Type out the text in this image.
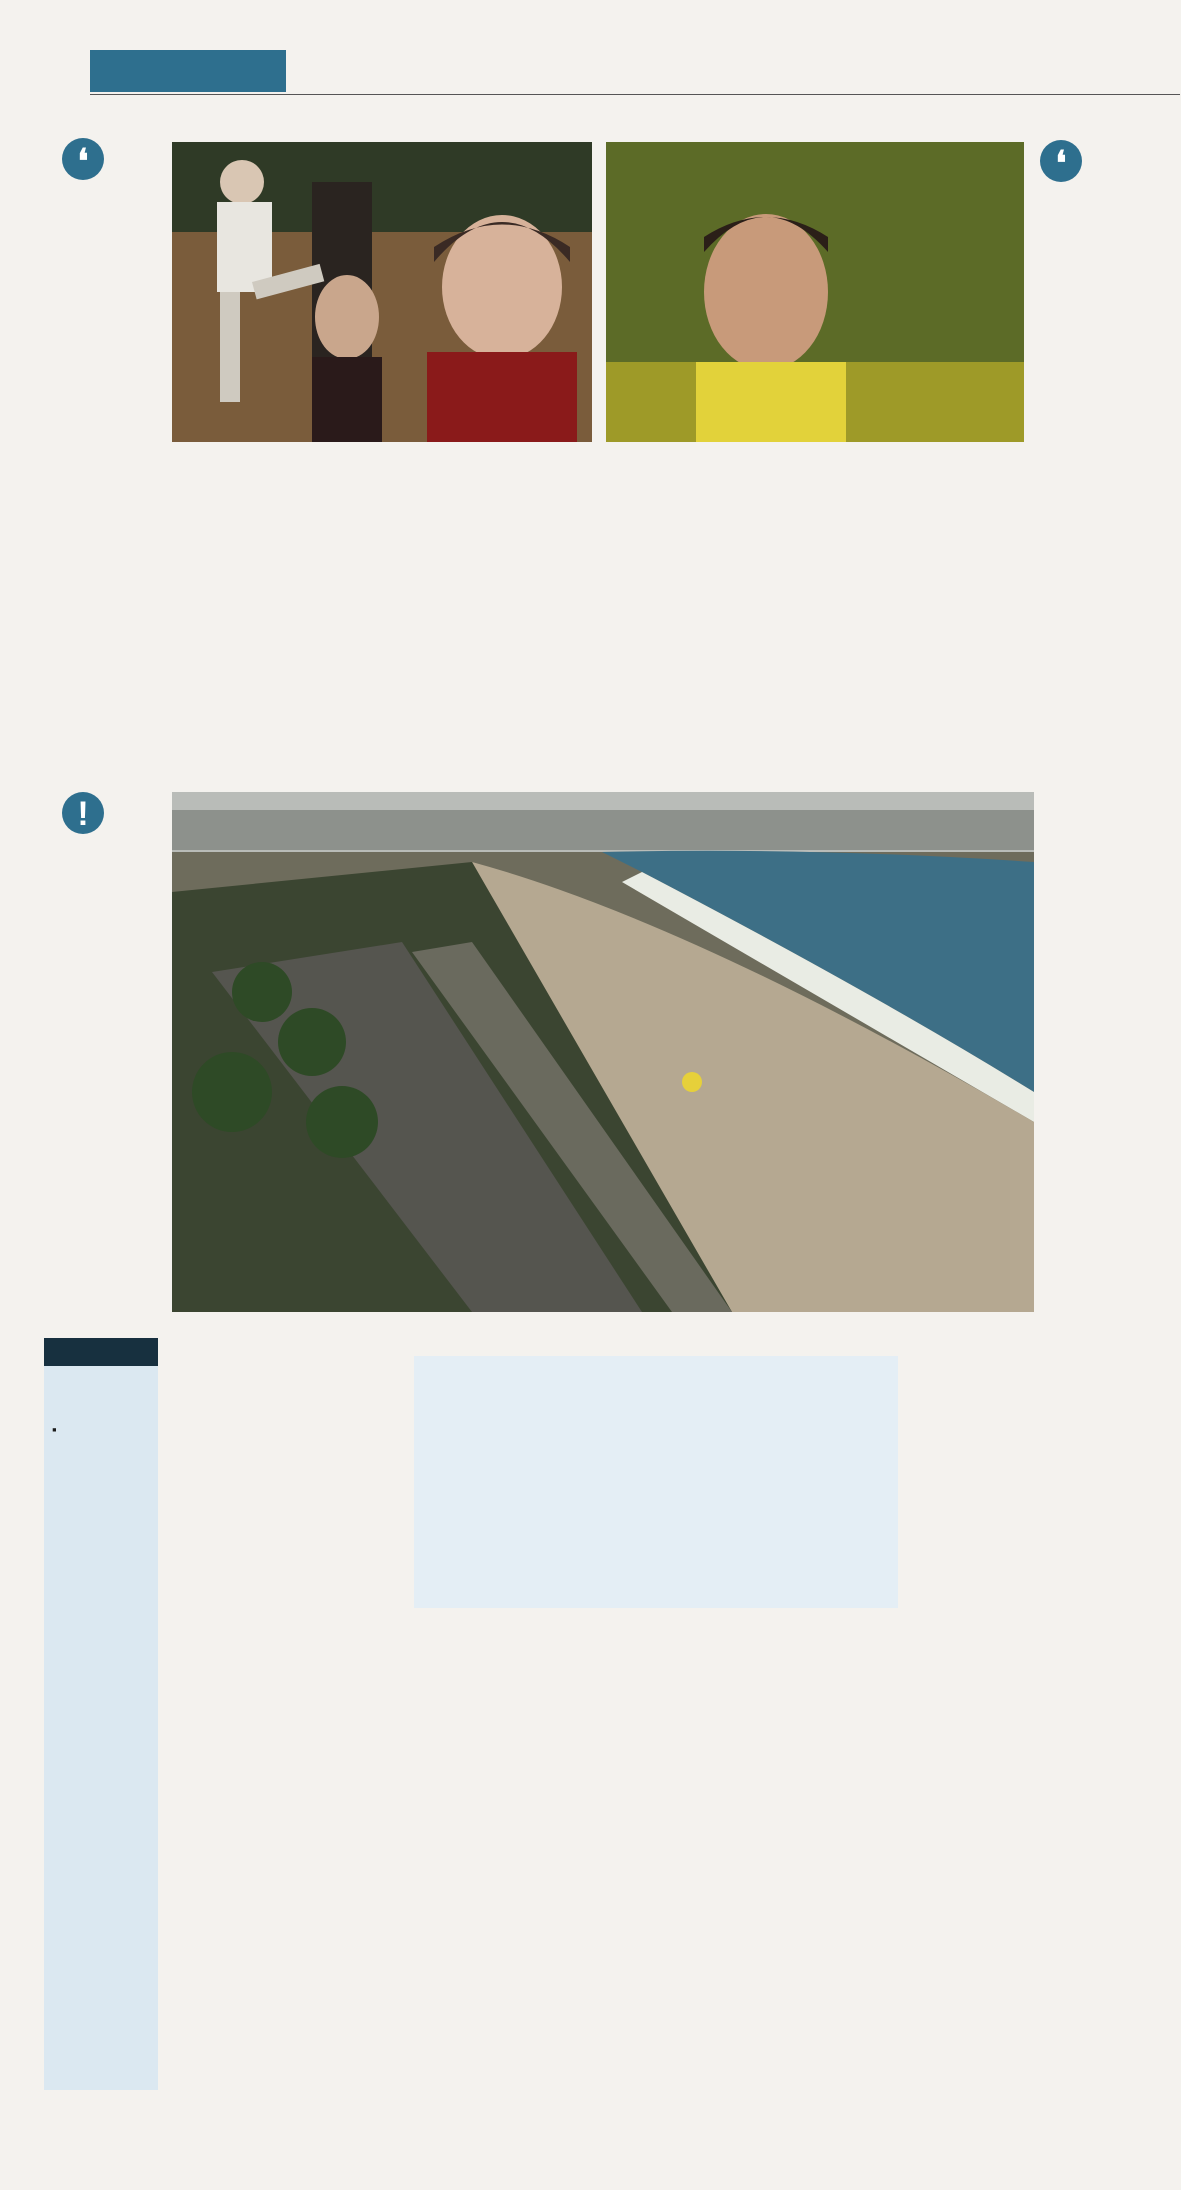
❛	❛
!

▪
